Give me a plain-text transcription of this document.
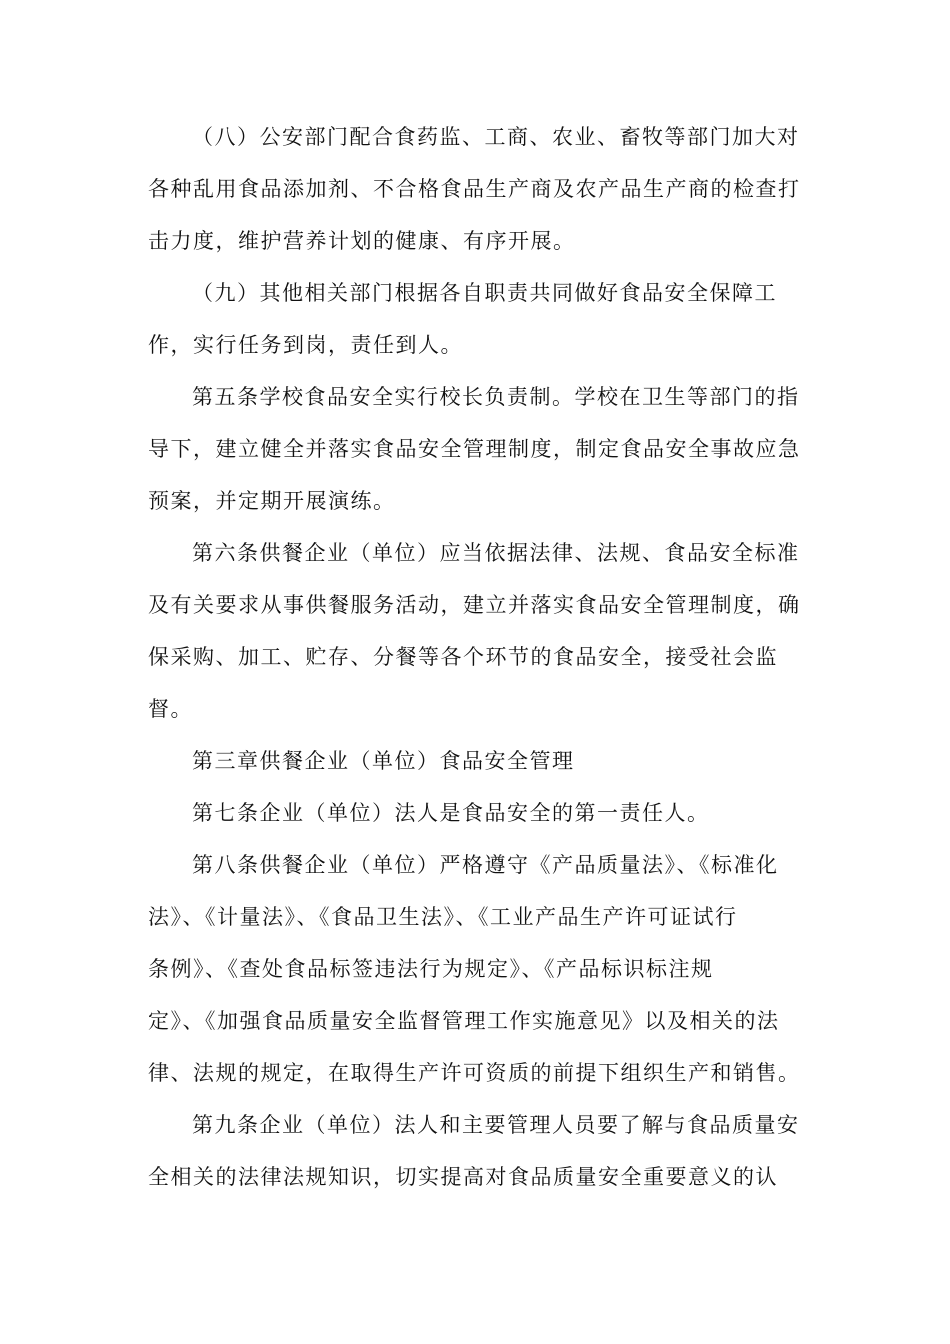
（八）公安部门配合食药监、工商、农业、畜牧等部门加大对
各种乱用食品添加剂、不合格食品生产商及农产品生产商的检查打
击力度，维护营养计划的健康、有序开展。
（九）其他相关部门根据各自职责共同做好食品安全保障工
作，实行任务到岗，责任到人。
第五条学校食品安全实行校长负责制。学校在卫生等部门的指
导下，建立健全并落实食品安全管理制度，制定食品安全事故应急
预案，并定期开展演练。
第六条供餐企业（单位）应当依据法律、法规、食品安全标准
及有关要求从事供餐服务活动，建立并落实食品安全管理制度，确
保采购、加工、贮存、分餐等各个环节的食品安全，接受社会监
督。
第三章供餐企业（单位）食品安全管理
第七条企业（单位）法人是食品安全的第一责任人。
第八条供餐企业（单位）严格遵守《产品质量法》、《标准化
法》、《计量法》、《食品卫生法》、《工业产品生产许可证试行
条例》、《查处食品标签违法行为规定》、《产品标识标注规
定》、《加强食品质量安全监督管理工作实施意见》以及相关的法
律、法规的规定，在取得生产许可资质的前提下组织生产和销售。
第九条企业（单位）法人和主要管理人员要了解与食品质量安
全相关的法律法规知识，切实提高对食品质量安全重要意义的认
